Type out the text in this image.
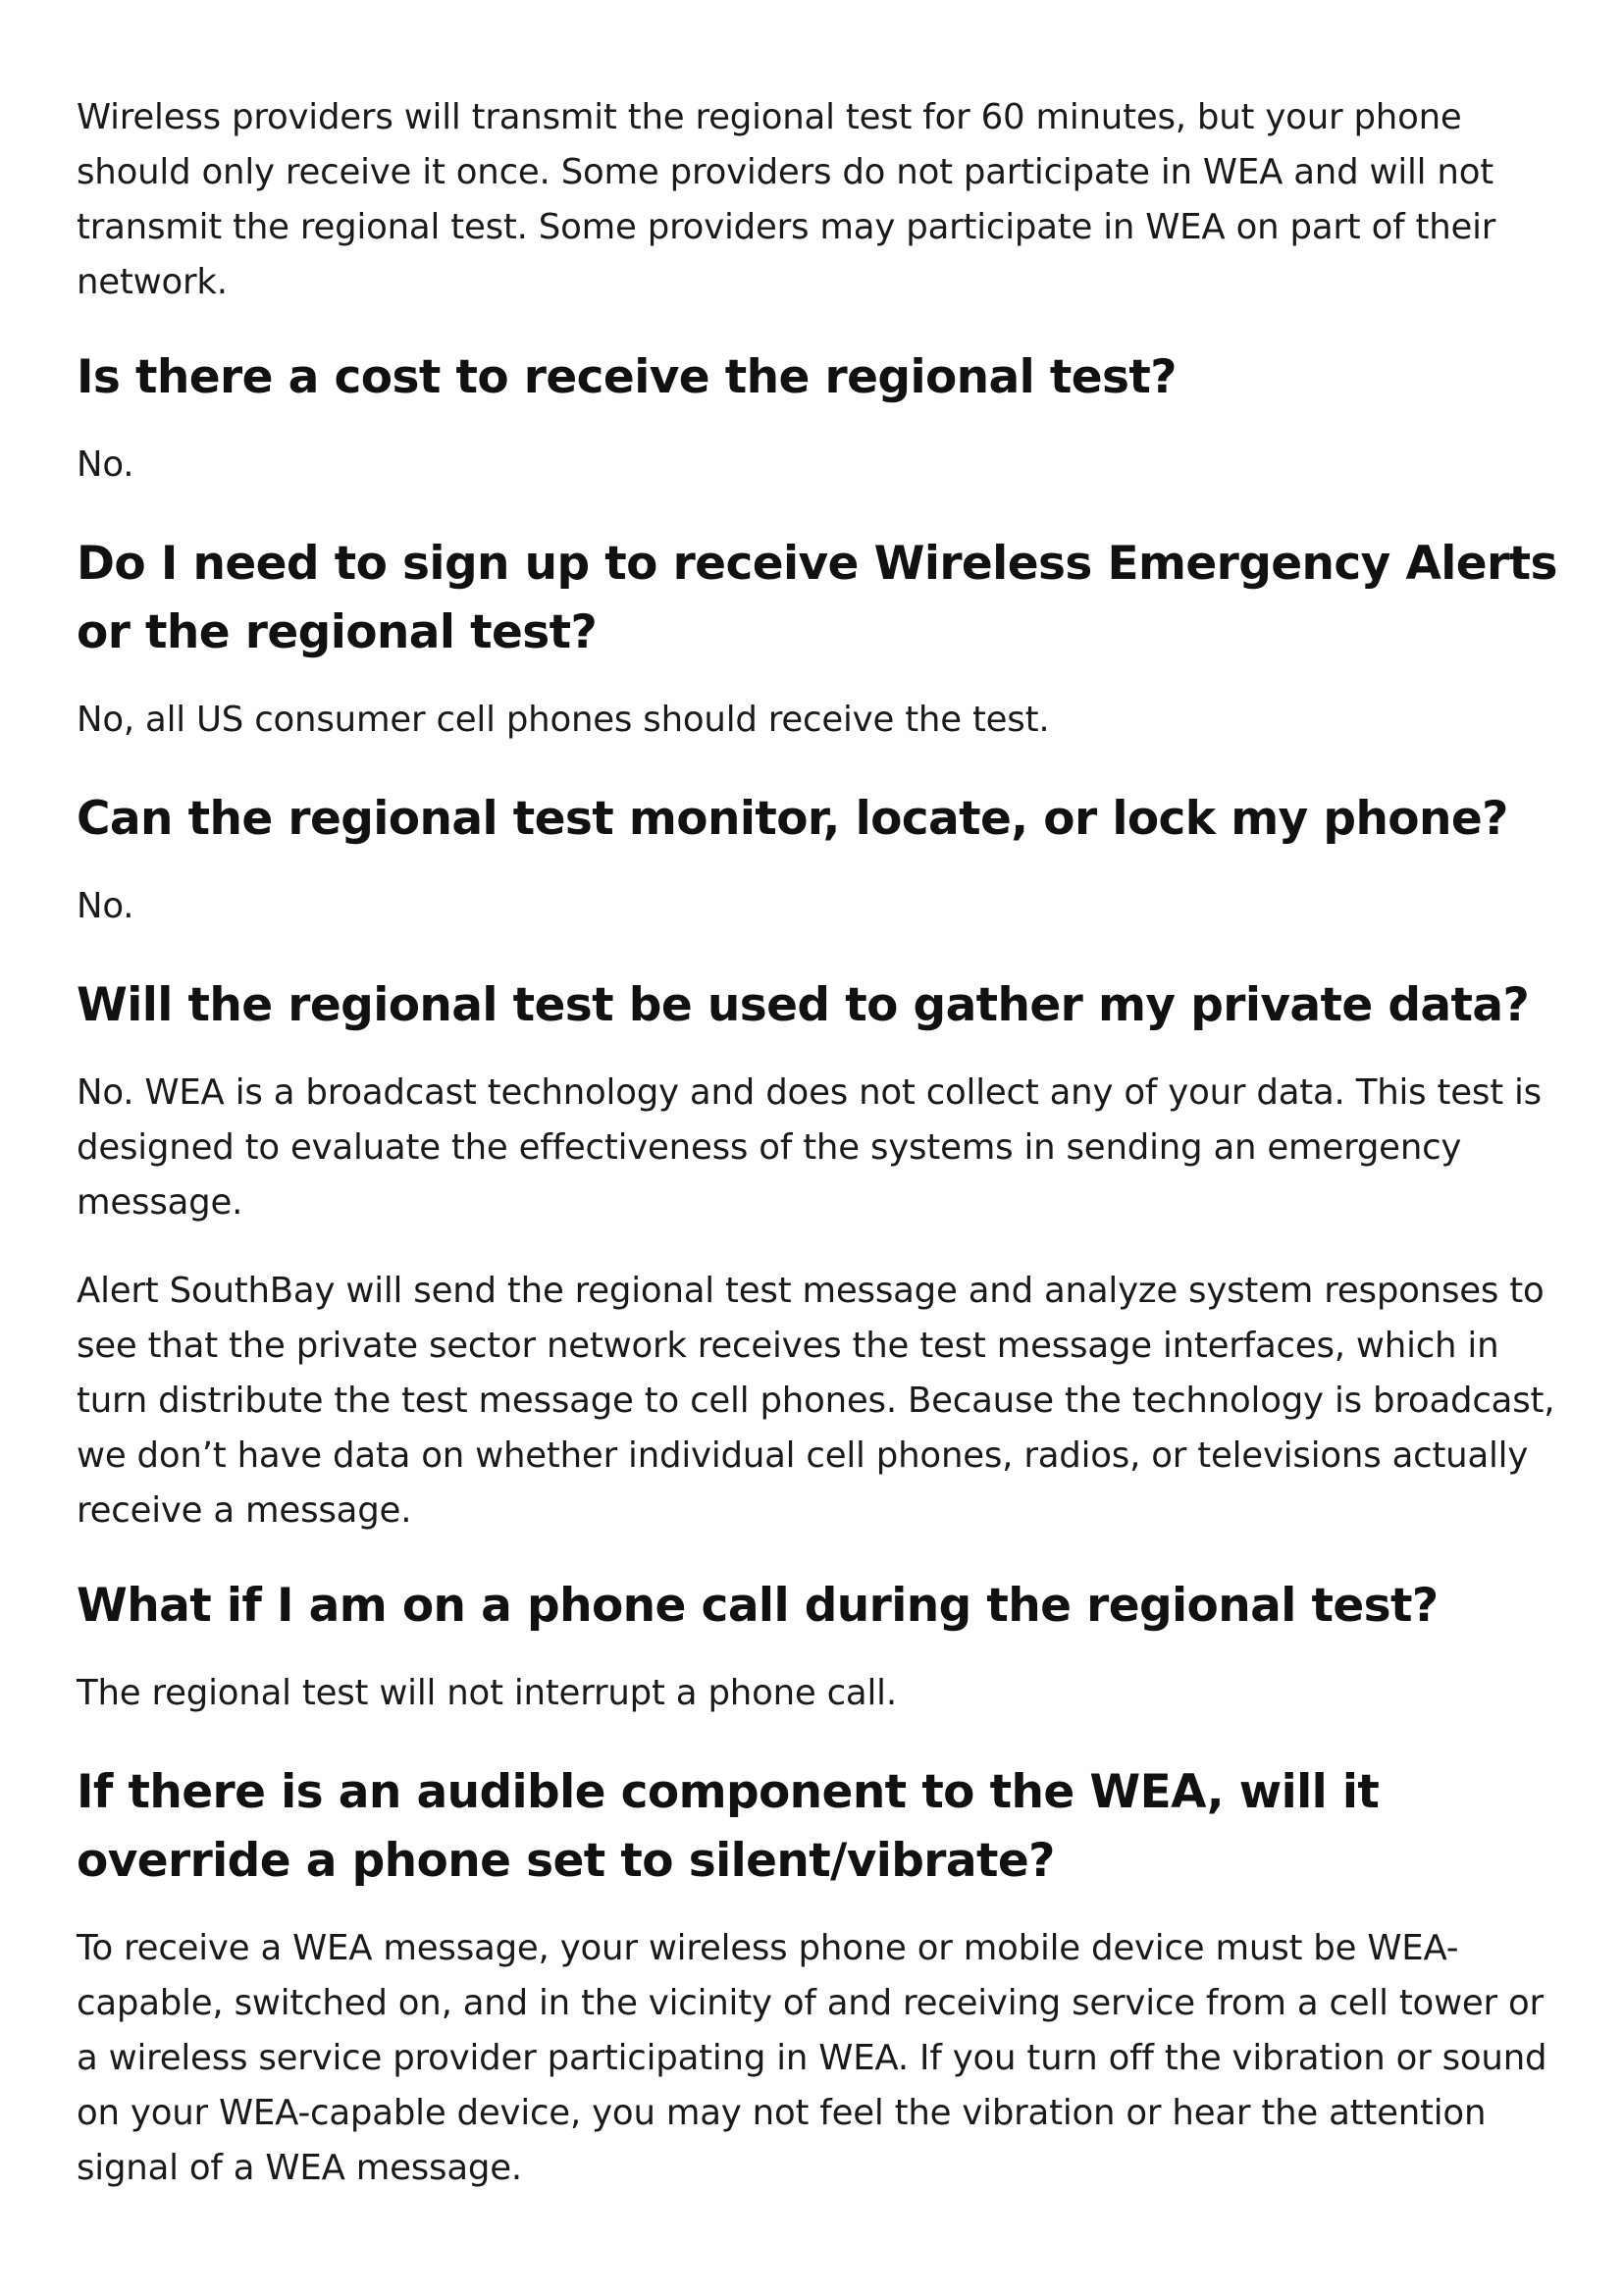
Wireless providers will transmit the regional test for 60 minutes, but your phone should only receive it once. Some providers do not participate in WEA and will not transmit the regional test. Some providers may participate in WEA on part of their network.

Is there a cost to receive the regional test?

No.

Do I need to sign up to receive Wireless Emergency Alerts or the regional test?

No, all US consumer cell phones should receive the test.

Can the regional test monitor, locate, or lock my phone?

No.

Will the regional test be used to gather my private data?

No. WEA is a broadcast technology and does not collect any of your data. This test is designed to evaluate the effectiveness of the systems in sending an emergency message.

Alert SouthBay will send the regional test message and analyze system responses to see that the private sector network receives the test message interfaces, which in turn distribute the test message to cell phones. Because the technology is broadcast, we don’t have data on whether individual cell phones, radios, or televisions actually receive a message.

What if I am on a phone call during the regional test?

The regional test will not interrupt a phone call.

If there is an audible component to the WEA, will it override a phone set to silent/vibrate?

To receive a WEA message, your wireless phone or mobile device must be WEA-capable, switched on, and in the vicinity of and receiving service from a cell tower or a wireless service provider participating in WEA. If you turn off the vibration or sound on your WEA-capable device, you may not feel the vibration or hear the attention signal of a WEA message.
